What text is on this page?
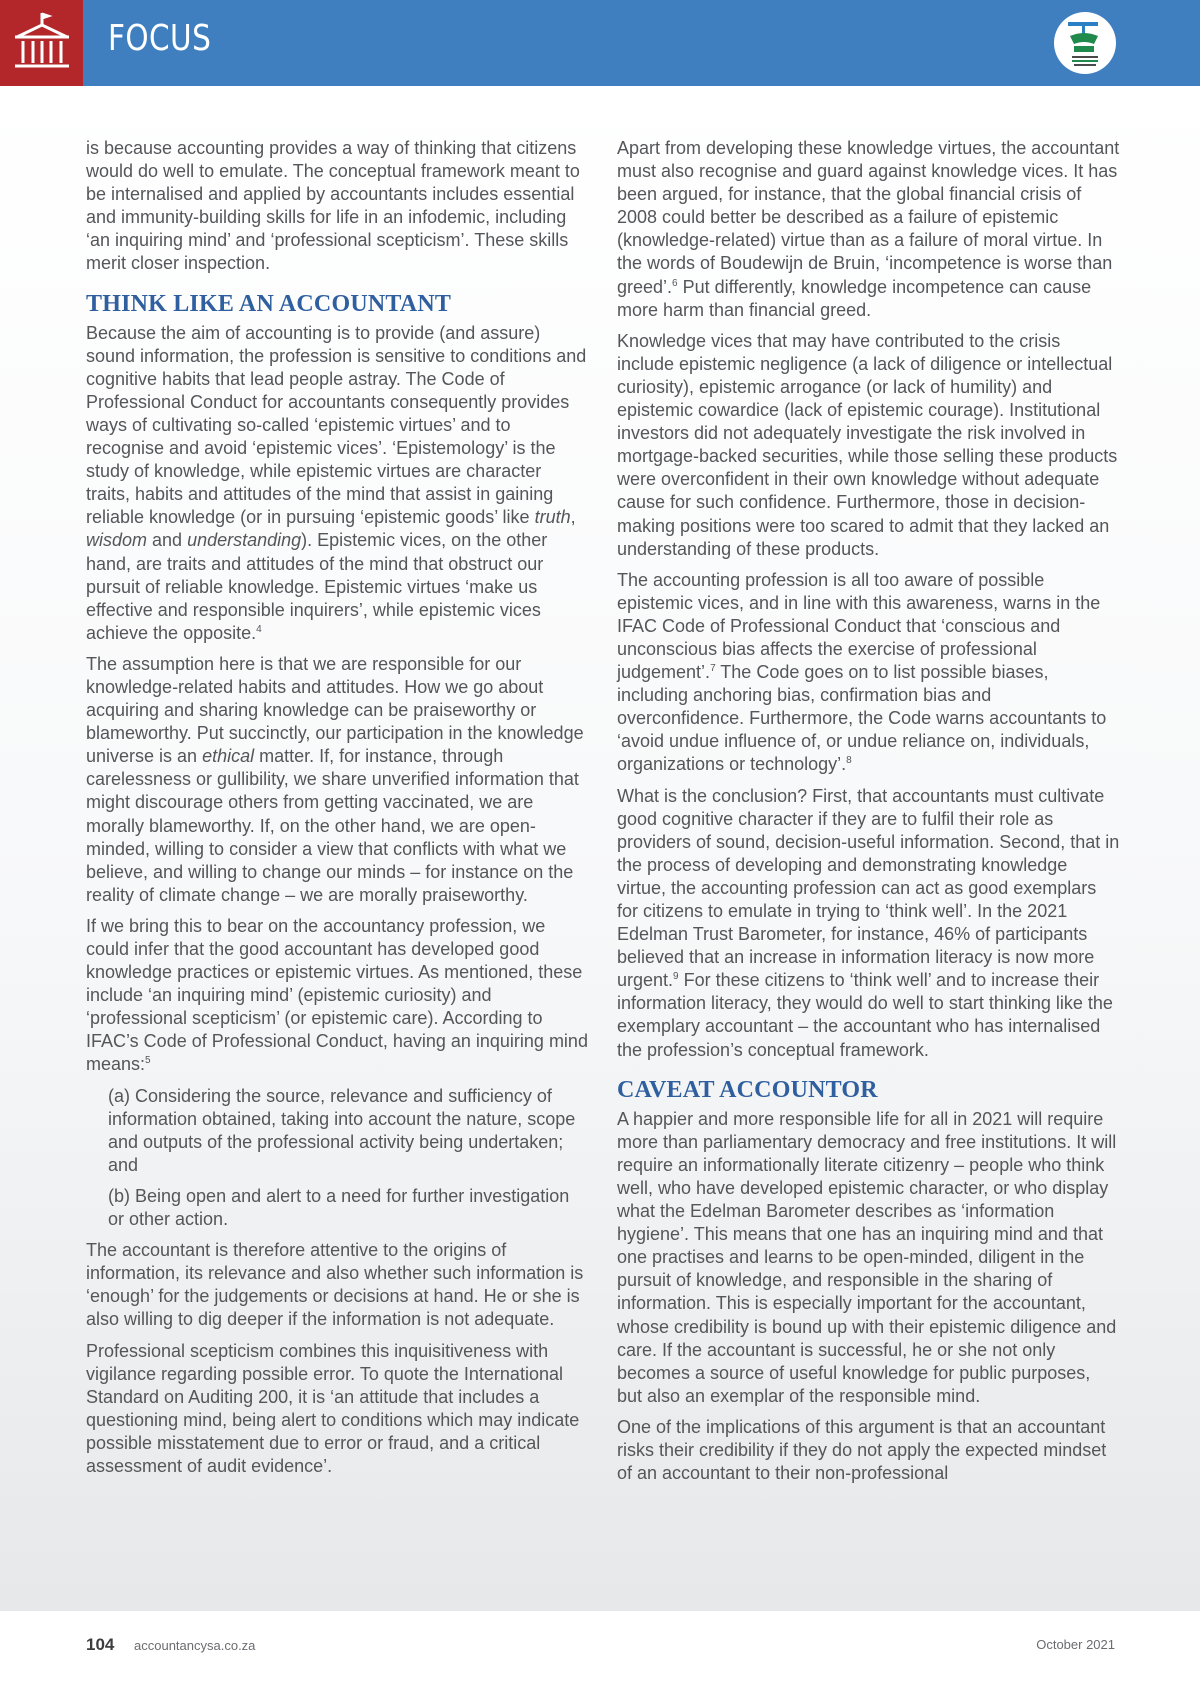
FOCUS

is because accounting provides a way of thinking that citizens would do well to emulate. The conceptual framework meant to be internalised and applied by accountants includes essential and immunity-building skills for life in an infodemic, including ‘an inquiring mind’ and ‘professional scepticism’. These skills merit closer inspection.

THINK LIKE AN ACCOUNTANT

Because the aim of accounting is to provide (and assure) sound information, the profession is sensitive to conditions and cognitive habits that lead people astray. The Code of Professional Conduct for accountants consequently provides ways of cultivating so-called ‘epistemic virtues’ and to recognise and avoid ‘epistemic vices’. ‘Epistemology’ is the study of knowledge, while epistemic virtues are character traits, habits and attitudes of the mind that assist in gaining reliable knowledge (or in pursuing ‘epistemic goods’ like truth, wisdom and understanding). Epistemic vices, on the other hand, are traits and attitudes of the mind that obstruct our pursuit of reliable knowledge. Epistemic virtues ‘make us effective and responsible inquirers’, while epistemic vices achieve the opposite.$^4$

The assumption here is that we are responsible for our knowledge-related habits and attitudes. How we go about acquiring and sharing knowledge can be praiseworthy or blameworthy. Put succinctly, our participation in the knowledge universe is an ethical matter. If, for instance, through carelessness or gullibility, we share unverified information that might discourage others from getting vaccinated, we are morally blameworthy. If, on the other hand, we are open-minded, willing to consider a view that conflicts with what we believe, and willing to change our minds – for instance on the reality of climate change – we are morally praiseworthy.

If we bring this to bear on the accountancy profession, we could infer that the good accountant has developed good knowledge practices or epistemic virtues. As mentioned, these include ‘an inquiring mind’ (epistemic curiosity) and ‘professional scepticism’ (or epistemic care). According to IFAC’s Code of Professional Conduct, having an inquiring mind means:$^5$

(a) Considering the source, relevance and sufficiency of information obtained, taking into account the nature, scope and outputs of the professional activity being undertaken; and

(b) Being open and alert to a need for further investigation or other action.

The accountant is therefore attentive to the origins of information, its relevance and also whether such information is ‘enough’ for the judgements or decisions at hand. He or she is also willing to dig deeper if the information is not adequate.

Professional scepticism combines this inquisitiveness with vigilance regarding possible error. To quote the International Standard on Auditing 200, it is ‘an attitude that includes a questioning mind, being alert to conditions which may indicate possible misstatement due to error or fraud, and a critical assessment of audit evidence’.

Apart from developing these knowledge virtues, the accountant must also recognise and guard against knowledge vices. It has been argued, for instance, that the global financial crisis of 2008 could better be described as a failure of epistemic (knowledge-related) virtue than as a failure of moral virtue. In the words of Boudewijn de Bruin, ‘incompetence is worse than greed’.$^6$ Put differently, knowledge incompetence can cause more harm than financial greed.

Knowledge vices that may have contributed to the crisis include epistemic negligence (a lack of diligence or intellectual curiosity), epistemic arrogance (or lack of humility) and epistemic cowardice (lack of epistemic courage). Institutional investors did not adequately investigate the risk involved in mortgage-backed securities, while those selling these products were overconfident in their own knowledge without adequate cause for such confidence. Furthermore, those in decision-making positions were too scared to admit that they lacked an understanding of these products.

The accounting profession is all too aware of possible epistemic vices, and in line with this awareness, warns in the IFAC Code of Professional Conduct that ‘conscious and unconscious bias affects the exercise of professional judgement’.$^7$ The Code goes on to list possible biases, including anchoring bias, confirmation bias and overconfidence. Furthermore, the Code warns accountants to ‘avoid undue influence of, or undue reliance on, individuals, organizations or technology’.$^8$

What is the conclusion? First, that accountants must cultivate good cognitive character if they are to fulfil their role as providers of sound, decision-useful information. Second, that in the process of developing and demonstrating knowledge virtue, the accounting profession can act as good exemplars for citizens to emulate in trying to ‘think well’. In the 2021 Edelman Trust Barometer, for instance, 46% of participants believed that an increase in information literacy is now more urgent.$^9$ For these citizens to ‘think well’ and to increase their information literacy, they would do well to start thinking like the exemplary accountant – the accountant who has internalised the profession’s conceptual framework.

CAVEAT ACCOUNTOR

A happier and more responsible life for all in 2021 will require more than parliamentary democracy and free institutions. It will require an informationally literate citizenry – people who think well, who have developed epistemic character, or who display what the Edelman Barometer describes as ‘information hygiene’. This means that one has an inquiring mind and that one practises and learns to be open-minded, diligent in the pursuit of knowledge, and responsible in the sharing of information. This is especially important for the accountant, whose credibility is bound up with their epistemic diligence and care. If the accountant is successful, he or she not only becomes a source of useful knowledge for public purposes, but also an exemplar of the responsible mind.

One of the implications of this argument is that an accountant risks their credibility if they do not apply the expected mindset of an accountant to their non-professional

104 accountancysa.co.za	October 2021
